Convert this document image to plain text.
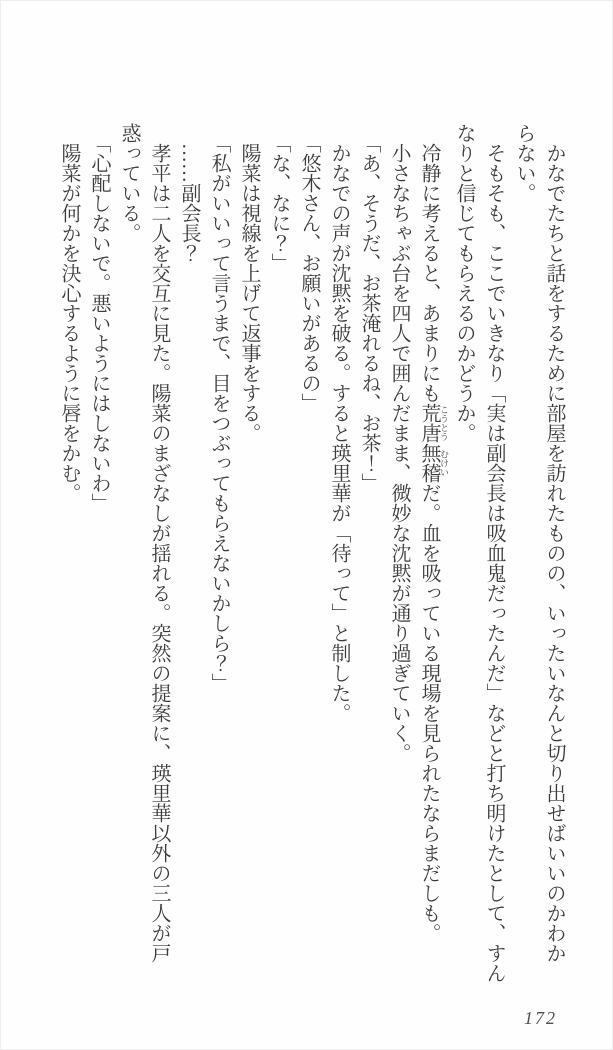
かなでたちと話をするために部屋を訪れたものの、いったいなんと切り出せばいいのかわか
らない。

そもそも、ここでいきなり「実は副会長は吸血鬼だったんだ」などと打ち明けたとして、すん
なりと信じてもらえるのかどうか。

冷静に考えると、あまりにも荒唐 こうとう無稽 むけいだ。血を吸っている現場を見られたならまだしも。

小さなちゃぶ台を四人で囲んだまま、微妙な沈黙が通り過ぎていく。

「あ、そうだ、お茶淹れるね、お茶！」

かなでの声が沈黙を破る。すると瑛里華が「待って」と制した。

「悠木さん、お願いがあるの」

「な、なに？」

陽菜は視線を上げて返事をする。

「私がいいって言うまで、目をつぶってもらえないかしら？」

……副会長？

孝平は二人を交互に見た。陽菜のまざなしが揺れる。突然の提案に、瑛里華以外の三人が戸
惑っている。

「心配しないで。悪いようにはしないわ」

陽菜が何かを決心するように唇をかむ。

172
